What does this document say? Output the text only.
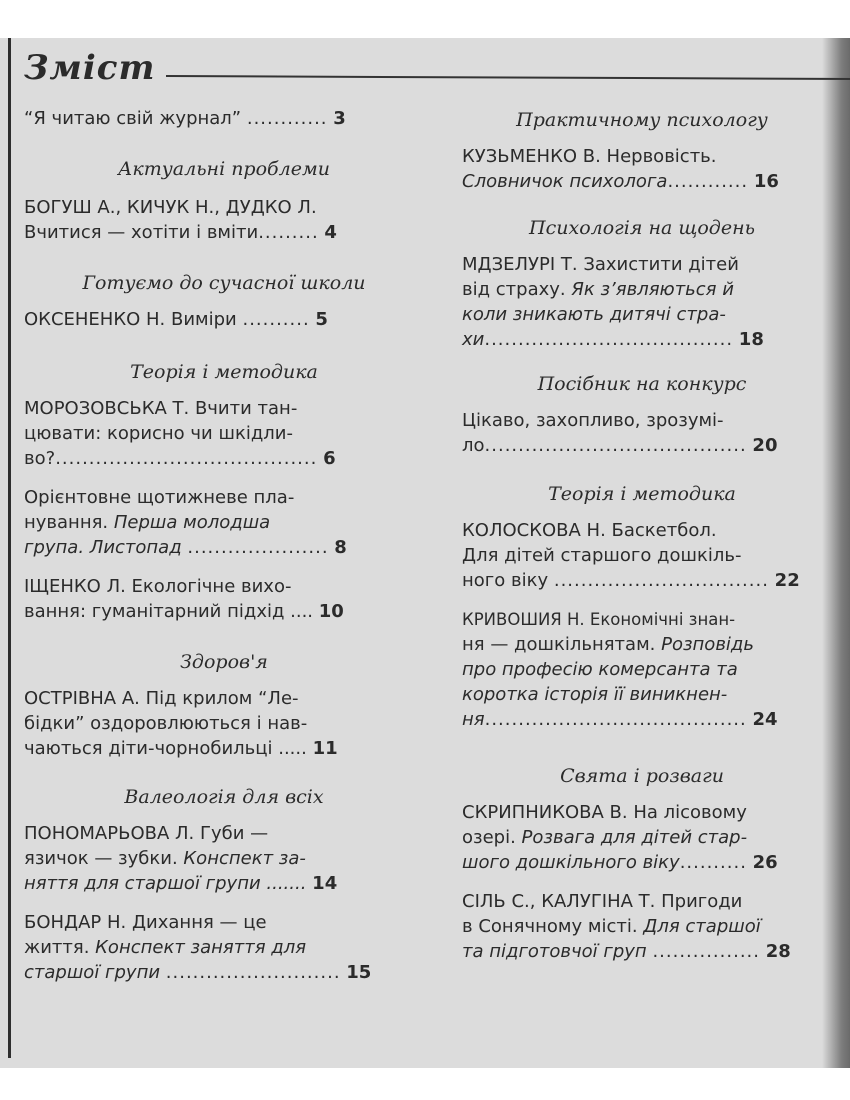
Зміст
“Я читаю свій журнал” ............ 3
Актуальні проблеми
БОГУШ А., КИЧУК Н., ДУДКО Л.
Вчитися — хотіти і вміти......... 4
Готуємо до сучасної школи
ОКСЕНЕНКО Н. Виміри .......... 5
Теорія і методика
МОРОЗОВСЬКА Т. Вчити тан-
цювати: корисно чи шкідли-
во?....................................... 6
Орієнтовне щотижневе пла-
нування. Перша молодша
група. Листопад ..................... 8
ІЩЕНКО Л. Екологічне вихо-
вання: гуманітарний підхід .... 10
Здоров'я
ОСТРІВНА А. Під крилом “Ле-
бідки” оздоровлюються і нав-
чаються діти-чорнобильці ..... 11
Валеологія для всіх
ПОНОМАРЬОВА Л. Губи —
язичок — зубки. Конспект за-
няття для старшої групи ....... 14
БОНДАР Н. Дихання — це
життя. Конспект заняття для
старшої групи .......................... 15
Практичному психологу
КУЗЬМЕНКО В. Нервовість.
Словничок психолога............ 16
Психологія на щодень
МДЗЕЛУРІ Т. Захистити дітей
від страху. Як з’являються й
коли зникають дитячі стра-
хи..................................... 18
Посібник на конкурс
Цікаво, захопливо, зрозумі-
ло....................................... 20
Теорія і методика
КОЛОСКОВА Н. Баскетбол.
Для дітей старшого дошкіль-
ного віку ................................ 22
КРИВОШИЯ Н. Економічні знан-
ня — дошкільнятам. Розповідь
про професію комерсанта та
коротка історія її виникнен-
ня....................................... 24
Свята і розваги
СКРИПНИКОВА В. На лісовому
озері. Розвага для дітей стар-
шого дошкільного віку.......... 26
СІЛЬ С., КАЛУГІНА Т. Пригоди
в Сонячному місті. Для старшої
та підготовчої груп ................ 28
